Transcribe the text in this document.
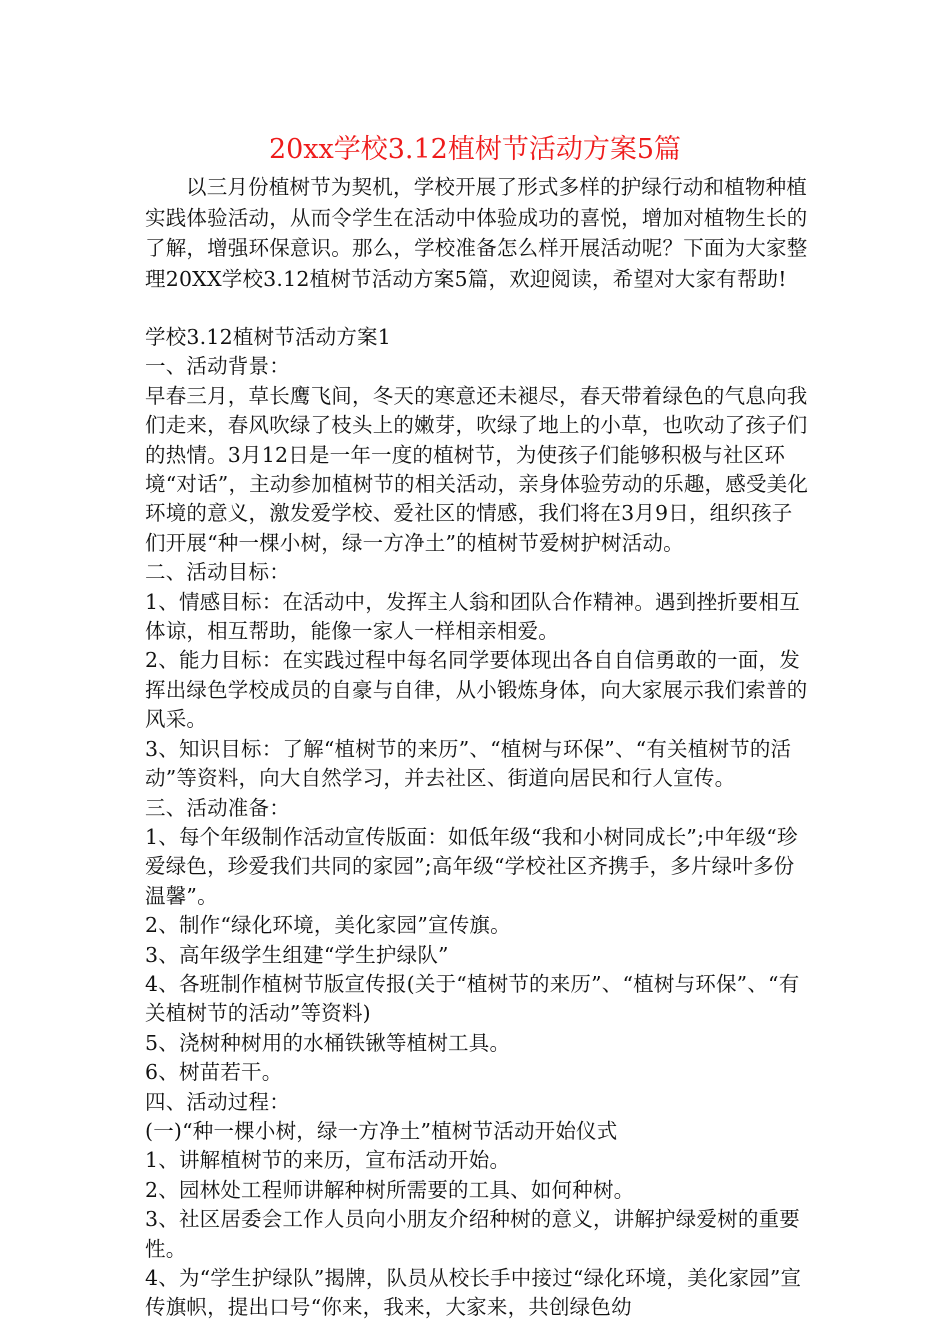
20xx学校3.12植树节活动方案5篇

以三月份植树节为契机，学校开展了形式多样的护绿行动和植物种植实践体验活动，从而令学生在活动中体验成功的喜悦，增加对植物生长的了解，增强环保意识。那么，学校准备怎么样开展活动呢？下面为大家整理20XX学校3.12植树节活动方案5篇，欢迎阅读，希望对大家有帮助!

学校3.12植树节活动方案1

一、活动背景：

早春三月，草长鹰飞间，冬天的寒意还未褪尽，春天带着绿色的气息向我们走来，春风吹绿了枝头上的嫩芽，吹绿了地上的小草，也吹动了孩子们的热情。3月12日是一年一度的植树节，为使孩子们能够积极与社区环境“对话”，主动参加植树节的相关活动，亲身体验劳动的乐趣，感受美化环境的意义，激发爱学校、爱社区的情感，我们将在3月9日，组织孩子们开展“种一棵小树，绿一方净土”的植树节爱树护树活动。

二、活动目标：

1、情感目标：在活动中，发挥主人翁和团队合作精神。遇到挫折要相互体谅，相互帮助，能像一家人一样相亲相爱。

2、能力目标：在实践过程中每名同学要体现出各自自信勇敢的一面，发挥出绿色学校成员的自豪与自律，从小锻炼身体，向大家展示我们索普的风采。

3、知识目标：了解“植树节的来历”、“植树与环保”、“有关植树节的活动”等资料，向大自然学习，并去社区、街道向居民和行人宣传。

三、活动准备：

1、每个年级制作活动宣传版面：如低年级“我和小树同成长”;中年级“珍爱绿色，珍爱我们共同的家园”;高年级“学校社区齐携手，多片绿叶多份温馨”。

2、制作“绿化环境，美化家园”宣传旗。

3、高年级学生组建“学生护绿队”

4、各班制作植树节版宣传报(关于“植树节的来历”、“植树与环保”、“有关植树节的活动”等资料)

5、浇树种树用的水桶铁锹等植树工具。

6、树苗若干。

四、活动过程：

(一)“种一棵小树，绿一方净土”植树节活动开始仪式

1、讲解植树节的来历，宣布活动开始。

2、园林处工程师讲解种树所需要的工具、如何种树。

3、社区居委会工作人员向小朋友介绍种树的意义，讲解护绿爱树的重要性。

4、为“学生护绿队”揭牌，队员从校长手中接过“绿化环境，美化家园”宣传旗帜，提出口号“你来，我来，大家来，共创绿色幼
